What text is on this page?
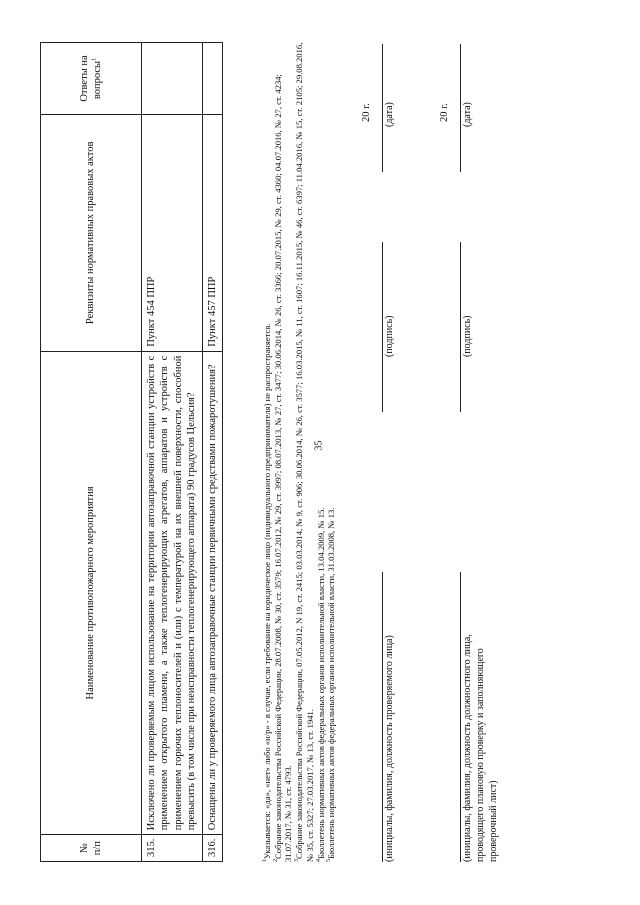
35
№ п/п	Наименование противопожарного мероприятия	Реквизиты нормативных правовых актов	Ответы на вопросы$^1$
315.	Исключено ли проверяемым лицом использование на территории автозаправочной станции устройств с применением открытого пламени, а также теплогенерирующих агрегатов, аппаратов и устройств с применением горючих теплоносителей и (или) с температурой на их внешней поверхности, способной превысить (в том числе при неисправности теплогенерирующего аппарата) 90 градусов Цельсия?	Пункт 454 ППР	
316.	Оснащены ли у проверяемого лица автозаправочные станции первичными средствами пожаротушения?	Пункт 457 ППР	

$^1$Указывается: «да», «нет» либо «н/р» - в случае, если требование на юридическое лицо (индивидуального предпринимателя) не распространяется.

$^2$Собрание законодательства Российской Федерации, 28.07.2008, № 30, ст. 3579; 16.07.2012, № 29, ст. 3997; 08.07.2013, № 27, ст. 3477; 30.06.2014, № 26, ст. 3366; 20.07.2015, № 29, ст. 4360; 04.07.2016, № 27, ст. 4234; 31.07.2017, № 31, ст. 4793. $^3$Собрание законодательства Российской Федерации, 07.05.2012, N 19, ст. 2415; 03.03.2014, № 9, ст. 906; 30.06.2014, № 26, ст. 3577; 16.03.2015, № 11, ст. 1607; 16.11.2015, № 46, ст. 6397; 11.04.2016, № 15, ст. 2105; 29.08.2016, № 35, ст. 5327; 27.03.2017, № 13, ст. 1941. $^4$Бюллетень нормативных актов федеральных органов исполнительной власти, 13.04.2009, № 15.

$^5$Бюллетень нормативных актов федеральных органов исполнительной власти, 31.03.2008, № 13.	(инициалы, фамилия, должность проверяемого лица)
(подпись)
(дата)
20 г.
(инициалы, фамилия, должность должностного лица, проводящего плановую проверку и заполняющего проверочный лист)
(подпись)
(дата)
20 г.
